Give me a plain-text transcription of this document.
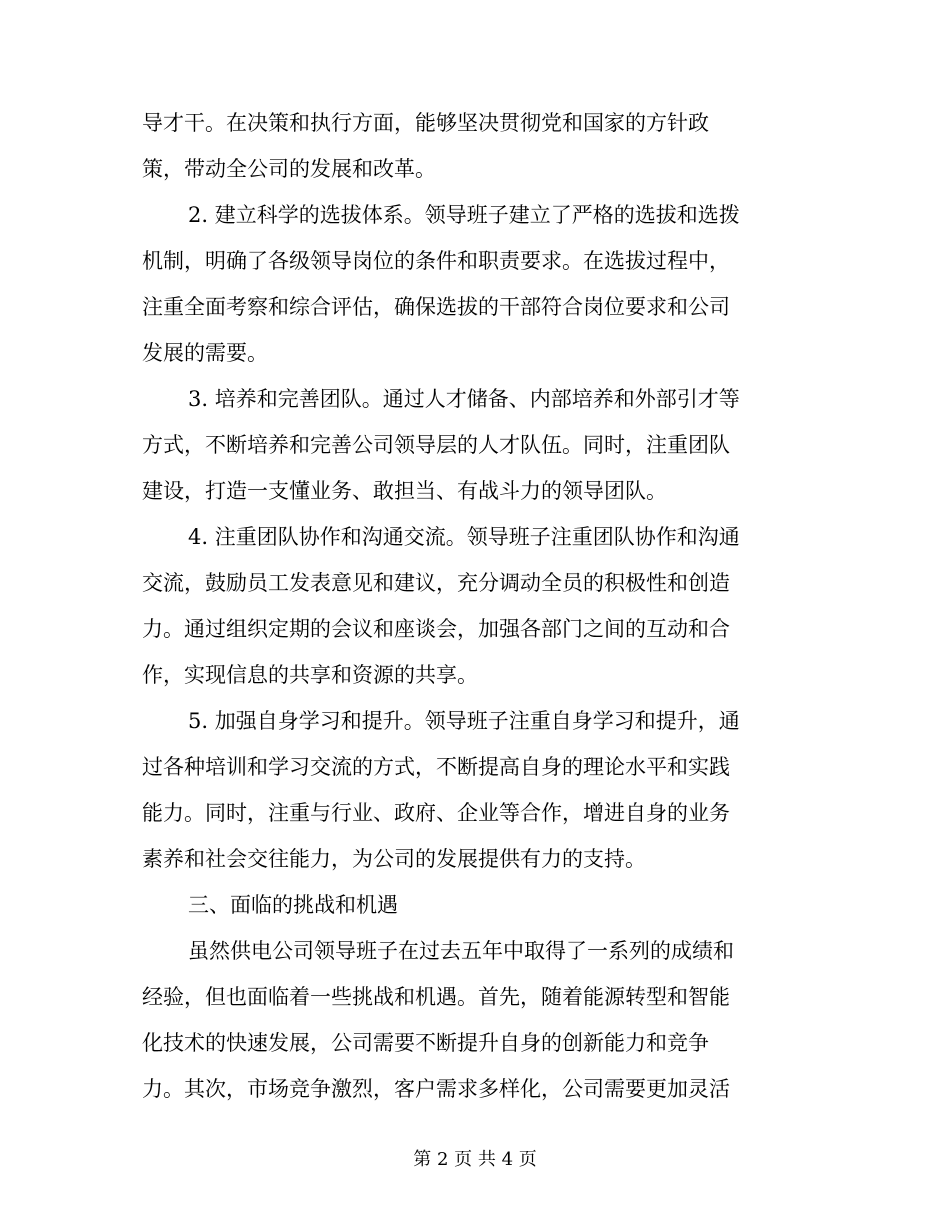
导才干。在决策和执行方面，能够坚决贯彻党和国家的方针政
策，带动全公司的发展和改革。
2. 建立科学的选拔体系。领导班子建立了严格的选拔和选拨
机制，明确了各级领导岗位的条件和职责要求。在选拔过程中，
注重全面考察和综合评估，确保选拔的干部符合岗位要求和公司
发展的需要。
3. 培养和完善团队。通过人才储备、内部培养和外部引才等
方式，不断培养和完善公司领导层的人才队伍。同时，注重团队
建设，打造一支懂业务、敢担当、有战斗力的领导团队。
4. 注重团队协作和沟通交流。领导班子注重团队协作和沟通
交流，鼓励员工发表意见和建议，充分调动全员的积极性和创造
力。通过组织定期的会议和座谈会，加强各部门之间的互动和合
作，实现信息的共享和资源的共享。
5. 加强自身学习和提升。领导班子注重自身学习和提升，通
过各种培训和学习交流的方式，不断提高自身的理论水平和实践
能力。同时，注重与行业、政府、企业等合作，增进自身的业务
素养和社会交往能力，为公司的发展提供有力的支持。
三、面临的挑战和机遇
虽然供电公司领导班子在过去五年中取得了一系列的成绩和
经验，但也面临着一些挑战和机遇。首先，随着能源转型和智能
化技术的快速发展，公司需要不断提升自身的创新能力和竞争
力。其次，市场竞争激烈，客户需求多样化，公司需要更加灵活
第 2 页 共 4 页
